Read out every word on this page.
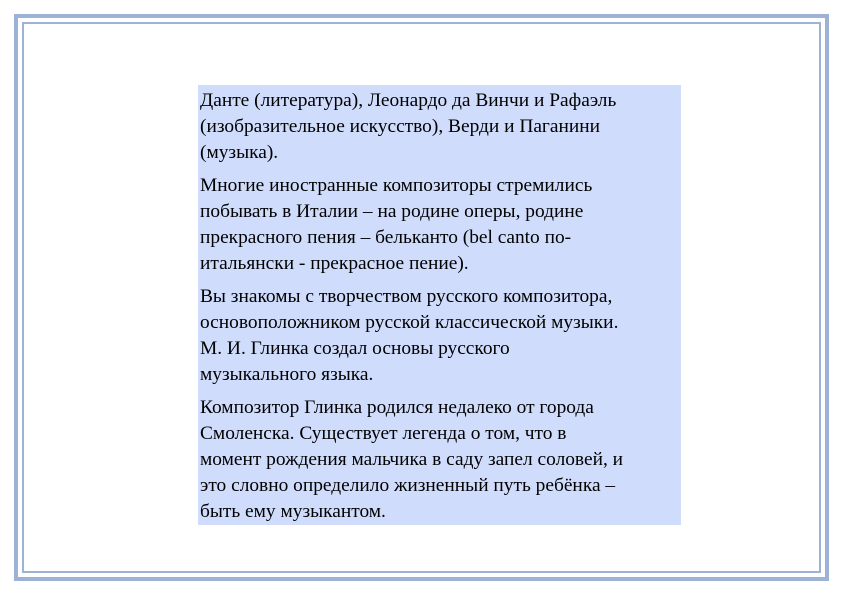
Данте (литература), Леонардо да Винчи и Рафаэль
(изобразительное искусство), Верди и Паганини
(музыка).

Многие иностранные композиторы стремились
побывать в Италии – на родине оперы, родине
прекрасного пения – бельканто (bel canto по-
итальянски - прекрасное пение).

Вы знакомы с творчеством русского композитора,
основоположником русской классической музыки.
М. И. Глинка создал основы русского
музыкального языка.

Композитор Глинка родился недалеко от города
Смоленска. Существует легенда о том, что в
момент рождения мальчика в саду запел соловей, и
это словно определило жизненный путь ребёнка –
быть ему музыкантом.
